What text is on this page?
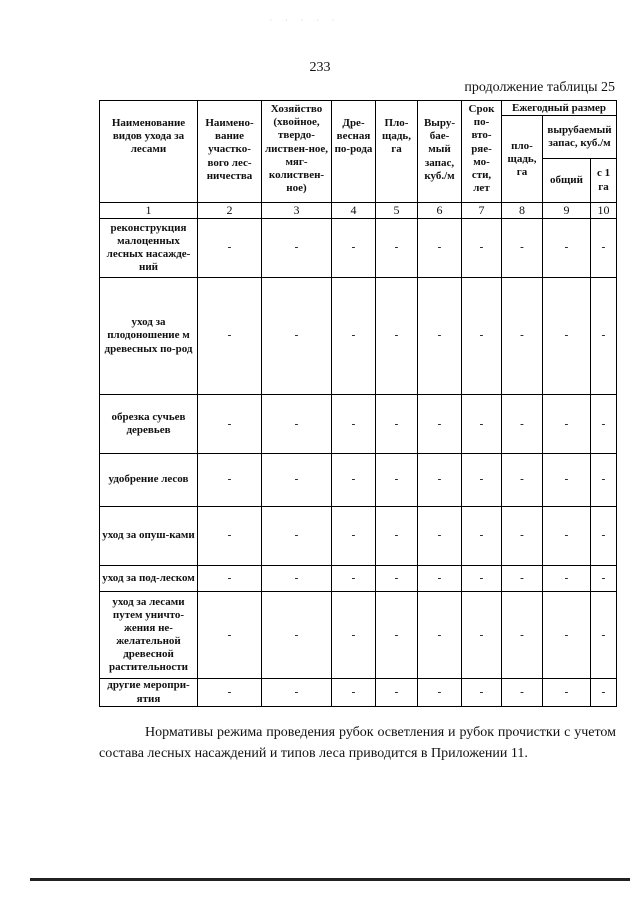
· · · · ·
233
продолжение таблицы 25
Наименование видов ухода за лесами	Наимено-вание участко-вого лес-ничества	Хозяйство (хвойное, твердо-листвен-ное, мяг-колиствен-ное)	Дре-весная по-рода	Пло-щадь, га	Выру-бае-мый запас, куб./м	Срок по-вто-ряе-мо-сти, лет	Ежегодный размер		
							пло-щадь, га	вырубаемый запас, куб./м	
								общий	с 1 га
1	2	3	4	5	6	7	8	9	10
реконструкция малоценных лесных насажде-ний	-	-	-	-	-	-	-	-	-
уход за плодоношение м древесных по-род	-	-	-	-	-	-	-	-	-
обрезка сучьев деревьев	-	-	-	-	-	-	-	-	-
удобрение лесов	-	-	-	-	-	-	-	-	-
уход за опуш-ками	-	-	-	-	-	-	-	-	-
уход за под-леском	-	-	-	-	-	-	-	-	-
уход за лесами путем уничто-жения не-желательной древесной растительности	-	-	-	-	-	-	-	-	-
другие меропри-ятия	-	-	-	-	-	-	-	-	-
Нормативы режима проведения рубок осветления и рубок прочистки с учетом состава лесных насаждений и типов леса приводится в Приложении 11.
